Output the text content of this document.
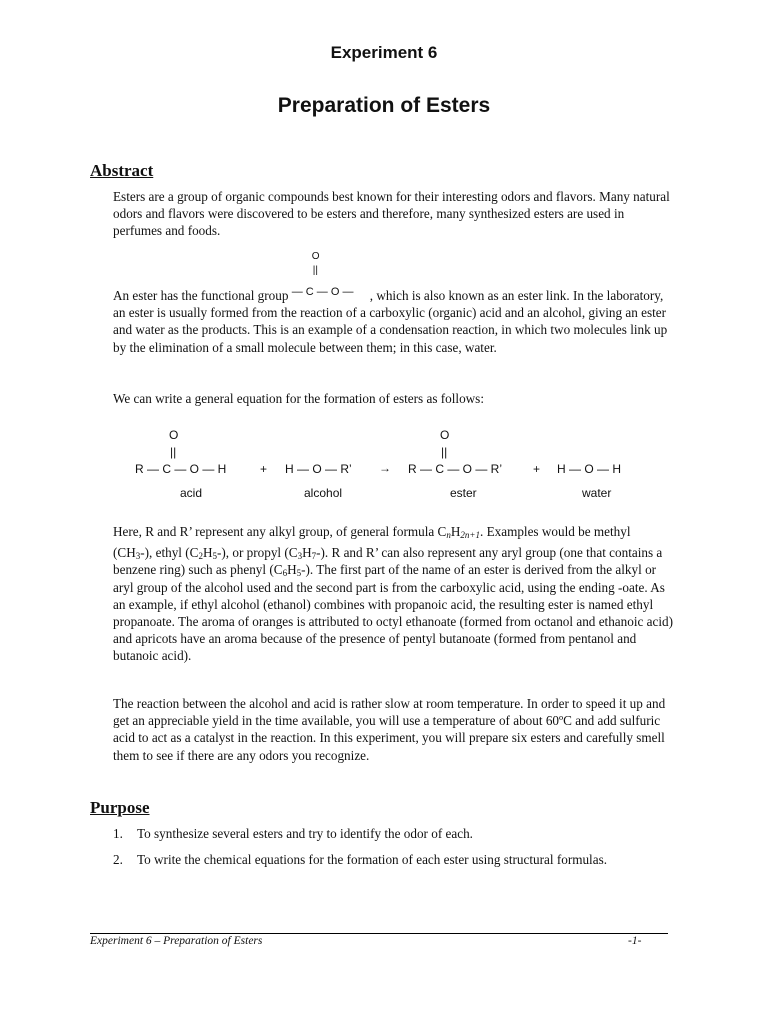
Experiment 6
Preparation of Esters
Abstract

Esters are a group of organic compounds best known for their interesting odors and flavors. Many natural odors and flavors were discovered to be esters and therefore, many synthesized esters are used in perfumes and foods.

An ester has the functional group
O
||
— C — O — , which is also known as an ester link. In the laboratory, an ester is usually formed from the reaction of a carboxylic (organic) acid and an alcohol, giving an ester and water as the products. This is an example of a condensation reaction, in which two molecules link up by the elimination of a small molecule between them; in this case, water.

We can write a general equation for the formation of esters as follows:

O
||
R — C — O — H	+ H — O — R’ →
O
||
R — C — O — R’	+ H — O — H
acid	alcohol	ester	water

Here, R and R’ represent any alkyl group, of general formula CnH$_{2n+1}$. Examples would be methyl $(CH_3-)$, ethyl $(C_2H_5-)$, or propyl $(C_3H_7-)$. R and R’ can also represent any aryl group (one that contains a benzene ring) such as phenyl $(C_6H_5-)$. The first part of the name of an ester is derived from the alkyl or aryl group of the alcohol used and the second part is from the carboxylic acid, using the ending -oate. As an example, if ethyl alcohol (ethanol) combines with propanoic acid, the resulting ester is named ethyl propanoate. The aroma of oranges is attributed to octyl ethanoate (formed from octanol and ethanoic acid) and apricots have an aroma because of the presence of pentyl butanoate (formed from pentanol and butanoic acid).

The reaction between the alcohol and acid is rather slow at room temperature. In order to speed it up and get an appreciable yield in the time available, you will use a temperature of about 60ºC and add sulfuric acid to act as a catalyst in the reaction. In this experiment, you will prepare six esters and carefully smell them to see if there are any odors you recognize.

Purpose
1. To synthesize several esters and try to identify the odor of each.
2. To write the chemical equations for the formation of each ester using structural formulas.
Experiment 6 – Preparation of Esters	-1-
